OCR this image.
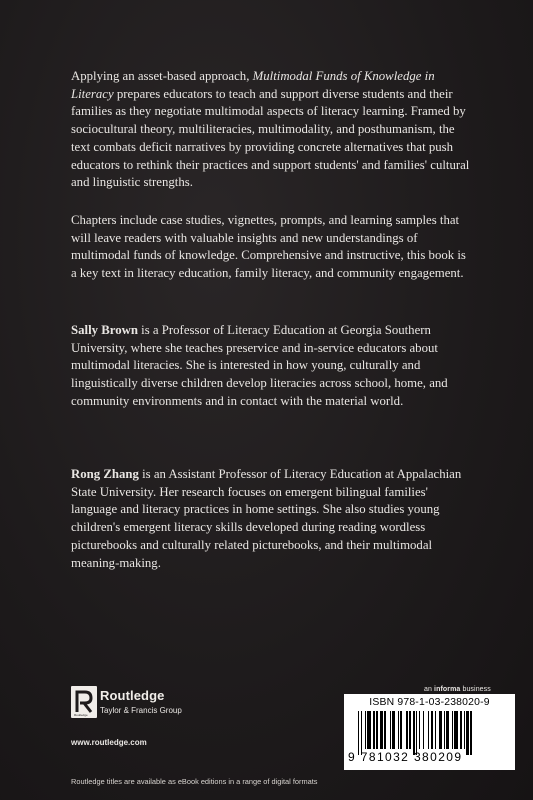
Applying an asset-based approach, Multimodal Funds of Knowledge in Literacy prepares educators to teach and support diverse students and their families as they negotiate multimodal aspects of literacy learning. Framed by sociocultural theory, multiliteracies, multimodality, and posthumanism, the text combats deficit narratives by providing concrete alternatives that push educators to rethink their practices and support students' and families' cultural and linguistic strengths.

Chapters include case studies, vignettes, prompts, and learning samples that will leave readers with valuable insights and new understandings of multimodal funds of knowledge. Comprehensive and instructive, this book is a key text in literacy education, family literacy, and community engagement.

Sally Brown is a Professor of Literacy Education at Georgia Southern University, where she teaches preservice and in-service educators about multimodal literacies. She is interested in how young, culturally and linguistically diverse children develop literacies across school, home, and community environments and in contact with the material world.

Rong Zhang is an Assistant Professor of Literacy Education at Appalachian State University. Her research focuses on emergent bilingual families' language and literacy practices in home settings. She also studies young children's emergent literacy skills developed during reading wordless picturebooks and culturally related picturebooks, and their multimodal meaning-making.

an informa business
ISBN 978-1-03-238020-9
9 781032 380209
Routledge
Routledge
Taylor & Francis Group
www.routledge.com
Routledge titles are available as eBook editions in a range of digital formats
